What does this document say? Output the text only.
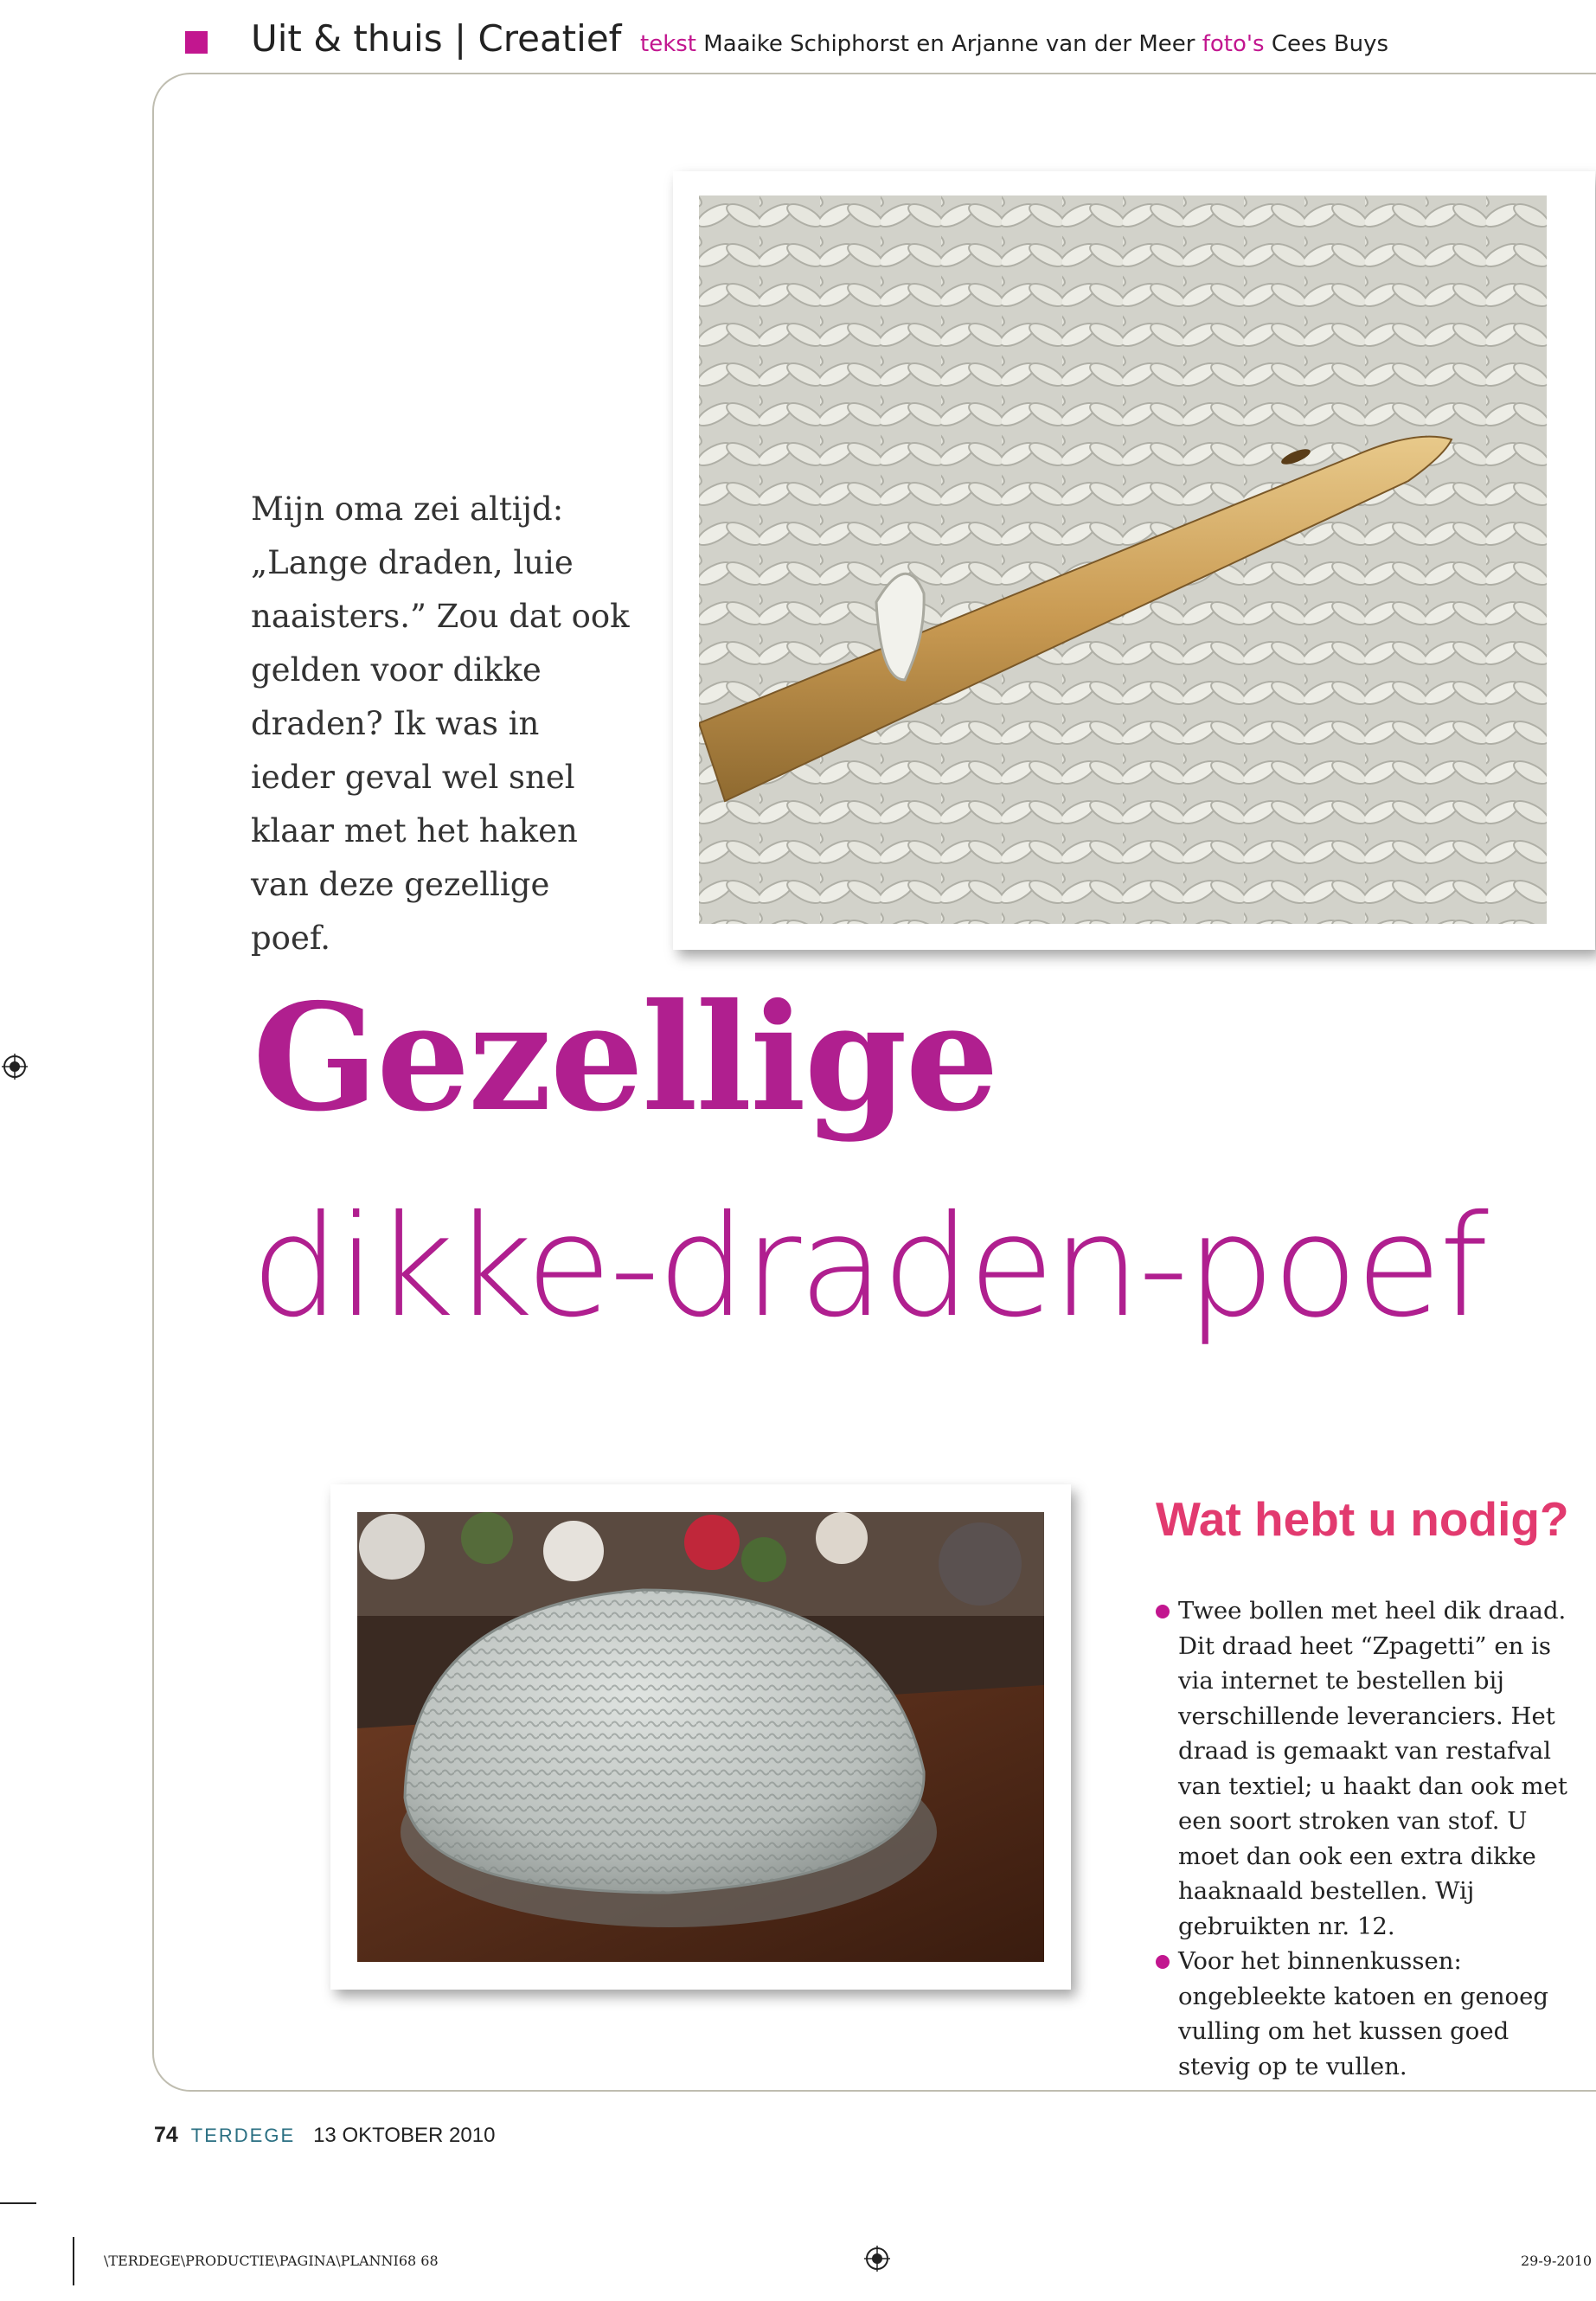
Uit & thuis | Creatief tekst Maaike Schiphorst en Arjanne van der Meer foto's Cees Buys
Mijn oma zei altijd: „Lange draden, luie naaisters.” Zou dat ook gelden voor dikke draden? Ik was in ieder geval wel snel klaar met het haken van deze gezellige poef.
Gezellige
dikke-draden-poef
Wat hebt u nodig?
Twee bollen met heel dik draad. Dit draad heet “Zpagetti” en is via internet te bestellen bij verschillende leveranciers. Het draad is gemaakt van restafval van textiel; u haakt dan ook met een soort stroken van stof. U moet dan ook een extra dikke haaknaald bestellen. Wij gebruikten nr. 12.
Voor het binnenkussen: ongebleekte katoen en genoeg vulling om het kussen goed stevig op te vullen.
74 TERDEGE 13 OKTOBER 2010
\TERDEGE\PRODUCTIE\PAGINA\PLANNI68 68	29-9-2010
